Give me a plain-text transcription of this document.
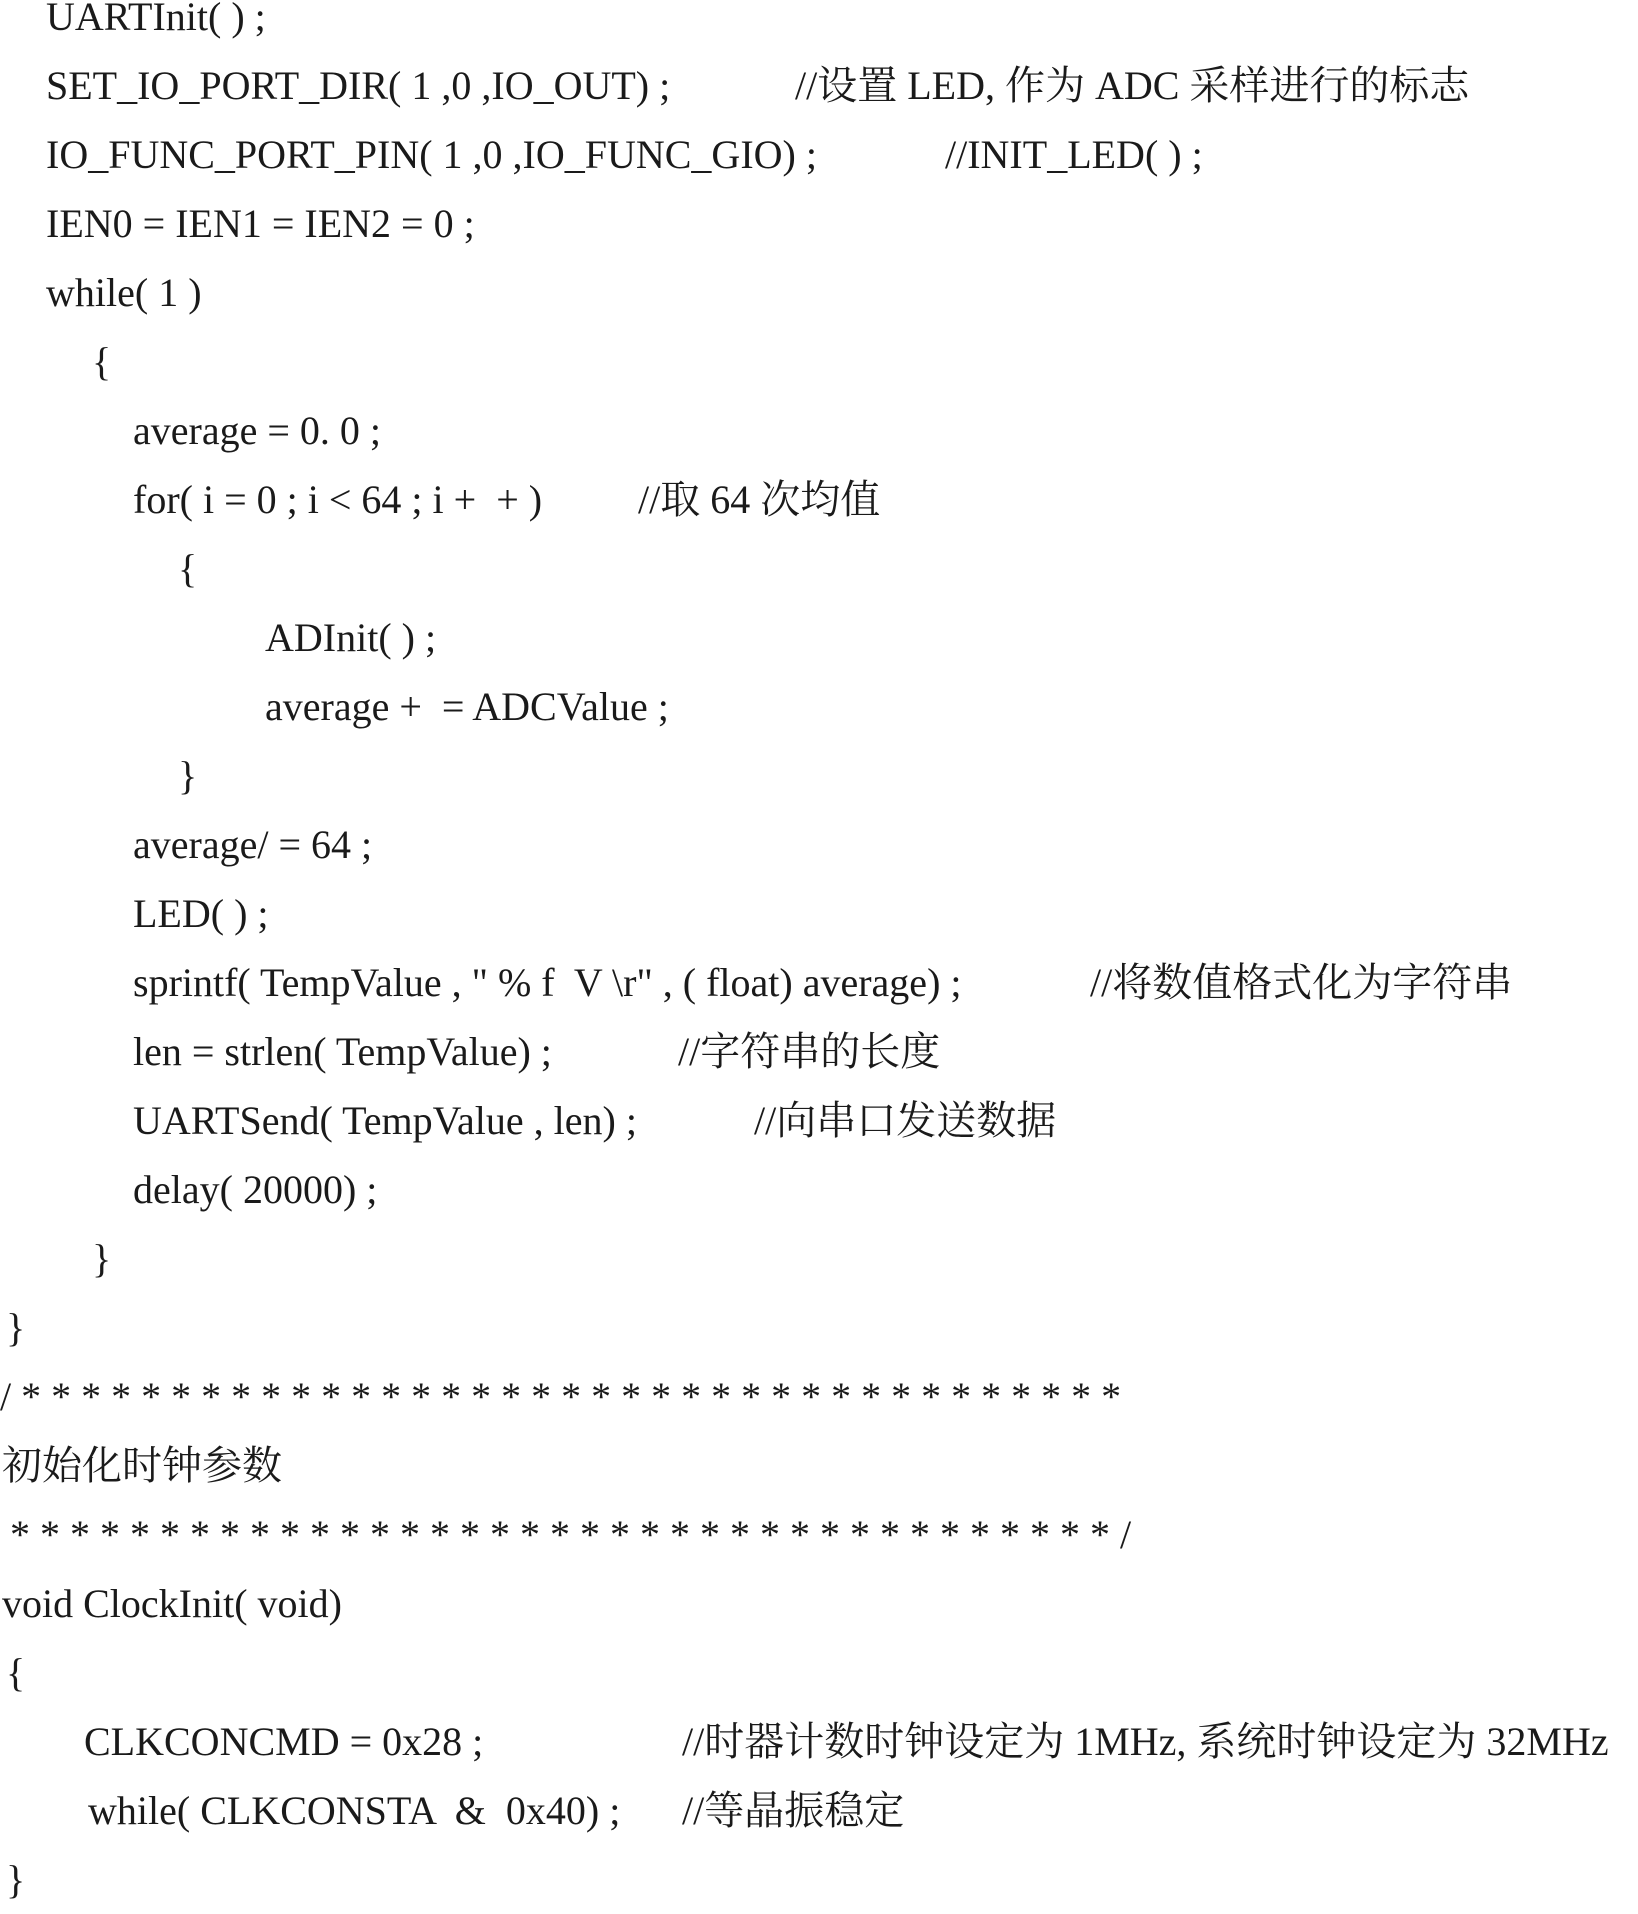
UARTInit( ) ;
SET_IO_PORT_DIR( 1 ,0 ,IO_OUT) ;	//设置 LED, 作为 ADC 采样进行的标志
IO_FUNC_PORT_PIN( 1 ,0 ,IO_FUNC_GIO) ;	//INIT_LED( ) ;
IEN0 = IEN1 = IEN2 = 0 ;
while( 1 )
{
average = 0. 0 ;
for( i = 0 ; i < 64 ; i +  + ) //取 64 次均值
{
ADInit( ) ;
average +  = ADCValue ;
}
average/ = 64 ;
LED( ) ;
sprintf( TempValue , " % f  V \r" , ( float) average) ;	//将数值格式化为字符串
len = strlen( TempValue) ;	//字符串的长度
UARTSend( TempValue , len) ;	//向串口发送数据
delay( 20000) ;
}
}
/ * * * * * * * * * * * * * * * * * * * * * * * * * * * * * * * * * * * * *
初始化时钟参数
* * * * * * * * * * * * * * * * * * * * * * * * * * * * * * * * * * * * * /
void ClockInit( void)
{
CLKCONCMD = 0x28 ;	//时器计数时钟设定为 1MHz, 系统时钟设定为 32MHz
while( CLKCONSTA  &  0x40) ; //等晶振稳定
}
